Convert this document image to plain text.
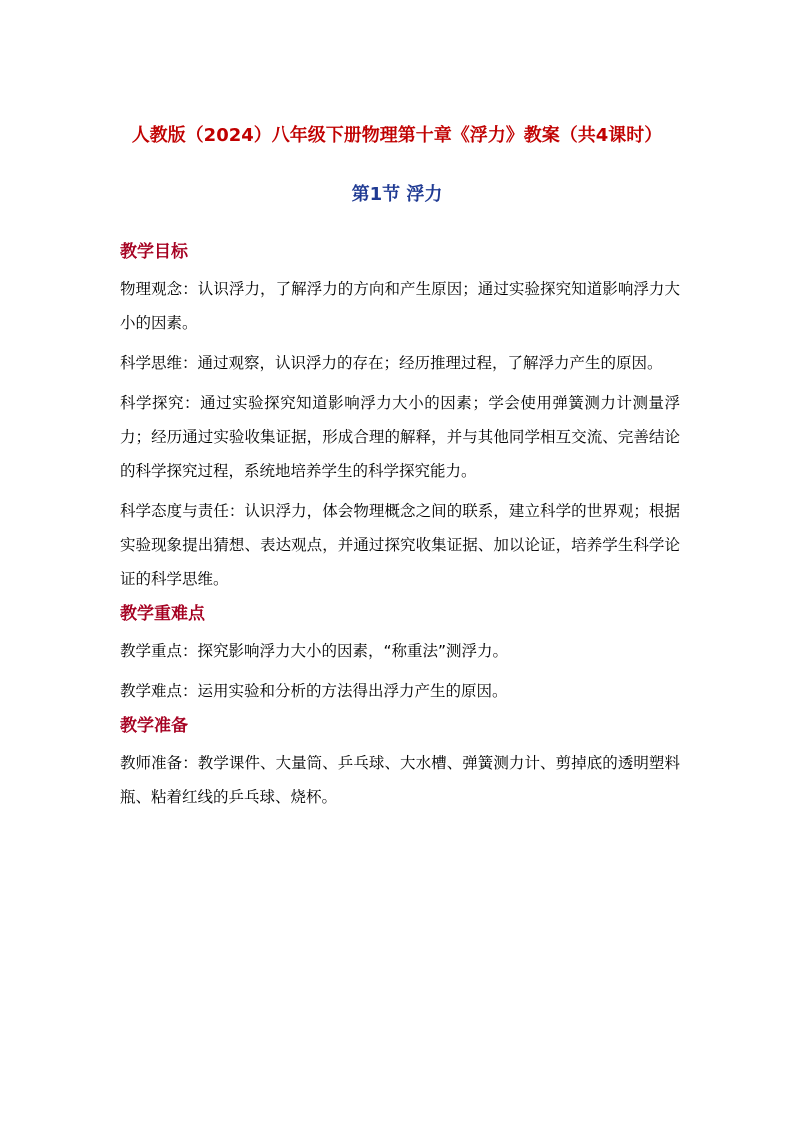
人教版（2024）八年级下册物理第十章《浮力》教案（共4课时）
第1节 浮力
教学目标

物理观念：认识浮力，了解浮力的方向和产生原因；通过实验探究知道影响浮力大小的因素。

科学思维：通过观察，认识浮力的存在；经历推理过程，了解浮力产生的原因。

科学探究：通过实验探究知道影响浮力大小的因素；学会使用弹簧测力计测量浮力；经历通过实验收集证据，形成合理的解释，并与其他同学相互交流、完善结论的科学探究过程，系统地培养学生的科学探究能力。

科学态度与责任：认识浮力，体会物理概念之间的联系，建立科学的世界观；根据实验现象提出猜想、表达观点，并通过探究收集证据、加以论证，培养学生科学论证的科学思维。

教学重难点

教学重点：探究影响浮力大小的因素，“称重法”测浮力。

教学难点：运用实验和分析的方法得出浮力产生的原因。

教学准备

教师准备：教学课件、大量筒、乒乓球、大水槽、弹簧测力计、剪掉底的透明塑料瓶、粘着红线的乒乓球、烧杯。
